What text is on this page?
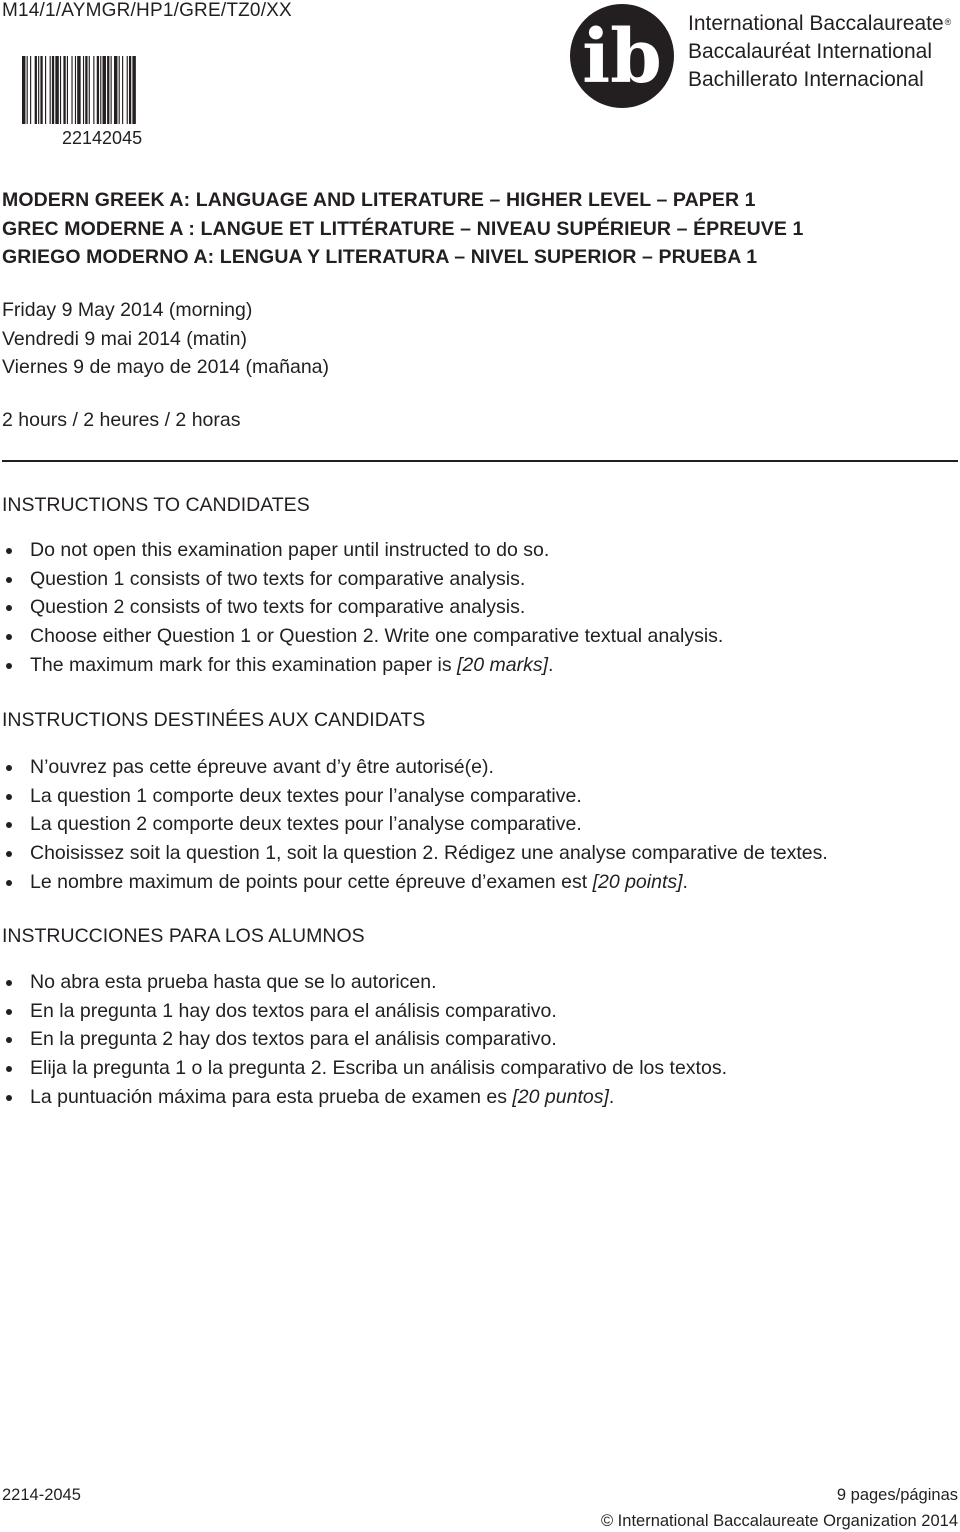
M14/1/AYMGR/HP1/GRE/TZ0/XX
22142045
ib International Baccalaureate®
Baccalauréat International
Bachillerato Internacional
MODERN GREEK A: LANGUAGE AND LITERATURE – HIGHER LEVEL – PAPER 1
GREC MODERNE A : LANGUE ET LITTÉRATURE – NIVEAU SUPÉRIEUR – ÉPREUVE 1
GRIEGO MODERNO A: LENGUA Y LITERATURA – NIVEL SUPERIOR – PRUEBA 1
Friday 9 May 2014 (morning)
Vendredi 9 mai 2014 (matin)
Viernes 9 de mayo de 2014 (mañana)
2 hours / 2 heures / 2 horas
INSTRUCTIONS TO CANDIDATES
Do not open this examination paper until instructed to do so.
Question 1 consists of two texts for comparative analysis.
Question 2 consists of two texts for comparative analysis.
Choose either Question 1 or Question 2. Write one comparative textual analysis.
The maximum mark for this examination paper is [20 marks].
INSTRUCTIONS DESTINÉES AUX CANDIDATS
N’ouvrez pas cette épreuve avant d’y être autorisé(e).
La question 1 comporte deux textes pour l’analyse comparative.
La question 2 comporte deux textes pour l’analyse comparative.
Choisissez soit la question 1, soit la question 2. Rédigez une analyse comparative de textes.
Le nombre maximum de points pour cette épreuve d’examen est [20 points].
INSTRUCCIONES PARA LOS ALUMNOS
No abra esta prueba hasta que se lo autoricen.
En la pregunta 1 hay dos textos para el análisis comparativo.
En la pregunta 2 hay dos textos para el análisis comparativo.
Elija la pregunta 1 o la pregunta 2. Escriba un análisis comparativo de los textos.
La puntuación máxima para esta prueba de examen es [20 puntos].
2214-2045	9 pages/páginas
© International Baccalaureate Organization 2014
